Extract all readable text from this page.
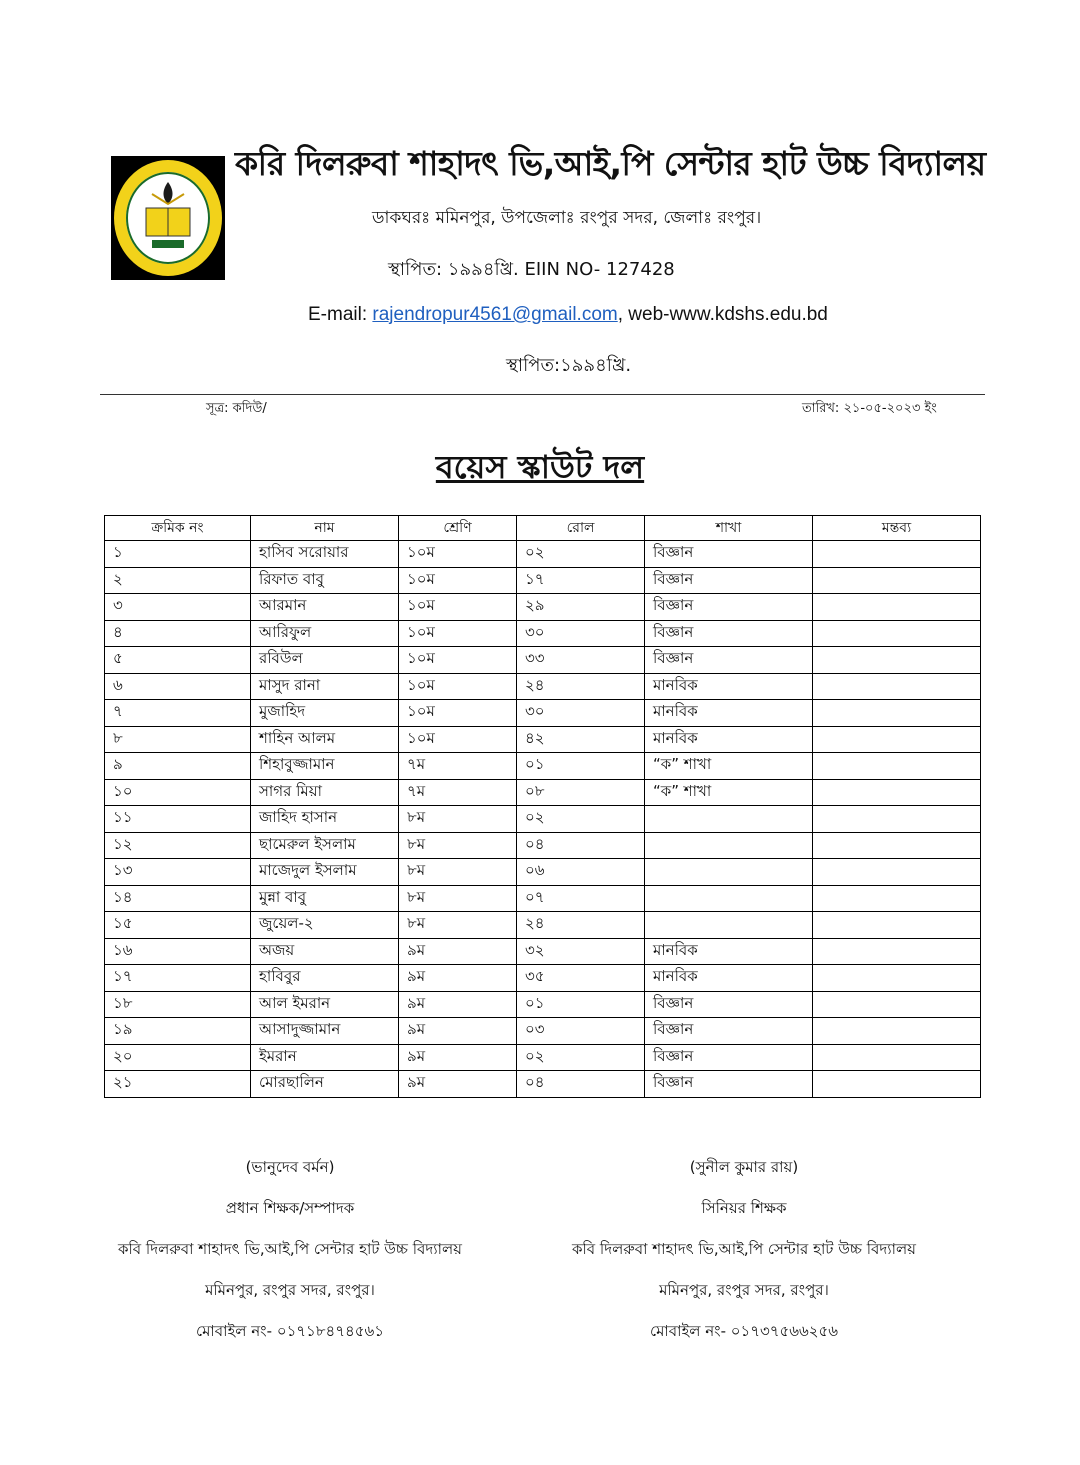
করি দিলরুবা শাহাদৎ ভি,আই,পি সেন্টার হাট উচ্চ বিদ্যালয়
ডাকঘরঃ মমিনপুর, উপজেলাঃ রংপুর সদর, জেলাঃ রংপুর।
স্থাপিত: ১৯৯৪খ্রি. EIIN NO- 127428
E-mail: rajendropur4561@gmail.com, web-www.kdshs.edu.bd
স্থাপিত:১৯৯৪খ্রি.
সূত্র: কদিউ/	তারিখ: ২১-০৫-২০২৩ ইং
বয়েস স্কাউট দল
ক্রমিক নং	নাম	শ্রেণি	রোল	শাখা	মন্তব্য
১	হাসিব সরোয়ার	১০ম	০২	বিজ্ঞান	
২	রিফাত বাবু	১০ম	১৭	বিজ্ঞান	
৩	আরমান	১০ম	২৯	বিজ্ঞান	
৪	আরিফুল	১০ম	৩০	বিজ্ঞান	
৫	রবিউল	১০ম	৩৩	বিজ্ঞান	
৬	মাসুদ রানা	১০ম	২৪	মানবিক	
৭	মুজাহিদ	১০ম	৩০	মানবিক	
৮	শাহিন আলম	১০ম	৪২	মানবিক	
৯	শিহাবুজ্জামান	৭ম	০১	“ক” শাখা	
১০	সাগর মিয়া	৭ম	০৮	“ক” শাখা	
১১	জাহিদ হাসান	৮ম	০২		
১২	ছামেরুল ইসলাম	৮ম	০৪		
১৩	মাজেদুল ইসলাম	৮ম	০৬		
১৪	মুন্না বাবু	৮ম	০৭		
১৫	জুয়েল-২	৮ম	২৪		
১৬	অজয়	৯ম	৩২	মানবিক	
১৭	হাবিবুর	৯ম	৩৫	মানবিক	
১৮	আল ইমরান	৯ম	০১	বিজ্ঞান	
১৯	আসাদুজ্জামান	৯ম	০৩	বিজ্ঞান	
২০	ইমরান	৯ম	০২	বিজ্ঞান	
২১	মোরছালিন	৯ম	০৪	বিজ্ঞান	
(ভানুদেব বর্মন)
প্রধান শিক্ষক/সম্পাদক
কবি দিলরুবা শাহাদৎ ভি,আই,পি সেন্টার হাট উচ্চ বিদ্যালয়
মমিনপুর, রংপুর সদর, রংপুর।
মোবাইল নং- ০১৭১৮৪৭৪৫৬১
(সুনীল কুমার রায়)
সিনিয়র শিক্ষক
কবি দিলরুবা শাহাদৎ ভি,আই,পি সেন্টার হাট উচ্চ বিদ্যালয়
মমিনপুর, রংপুর সদর, রংপুর।
মোবাইল নং- ০১৭৩৭৫৬৬২৫৬
